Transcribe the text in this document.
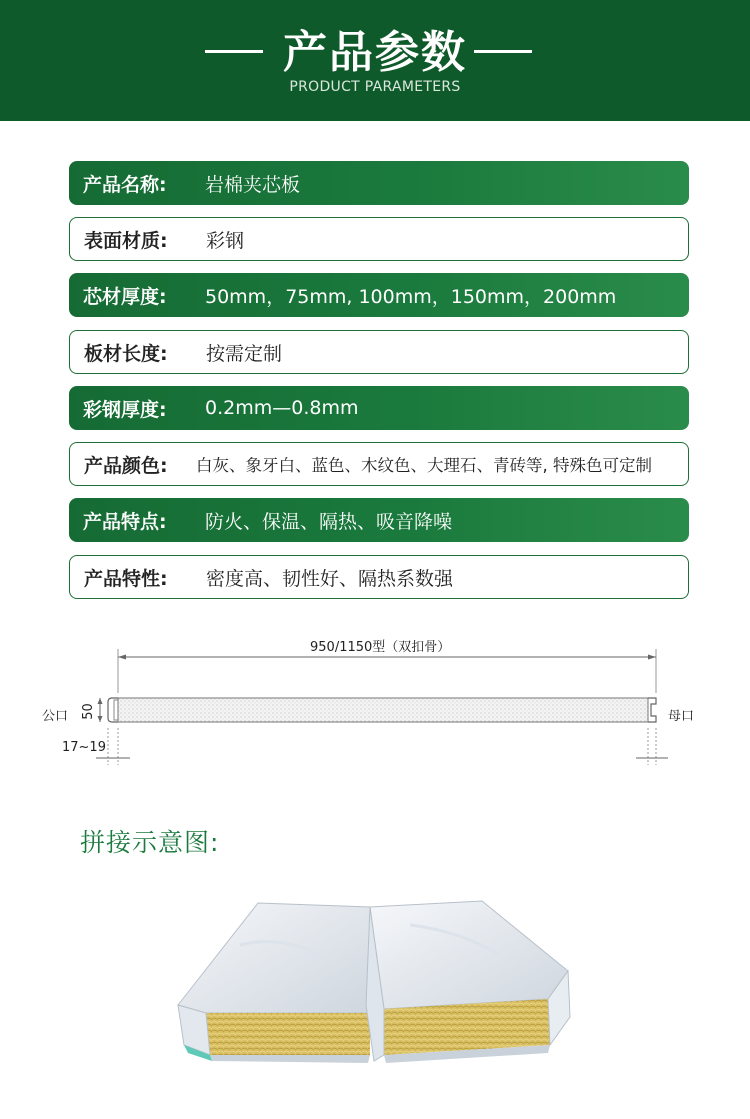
产品参数
PRODUCT PARAMETERS
产品名称:	岩棉夹芯板
表面材质:	彩钢
芯材厚度:	50mm，75mm, 100mm，150mm，200mm
板材长度:	按需定制
彩钢厚度:	0.2mm—0.8mm
产品颜色:	白灰、象牙白、蓝色、木纹色、大理石、青砖等, 特殊色可定制
产品特点:	防火、保温、隔热、吸音降噪
产品特性:	密度高、韧性好、隔热系数强
950/1150型（双扣骨）
50
公口	母口
17~19
拼接示意图:
